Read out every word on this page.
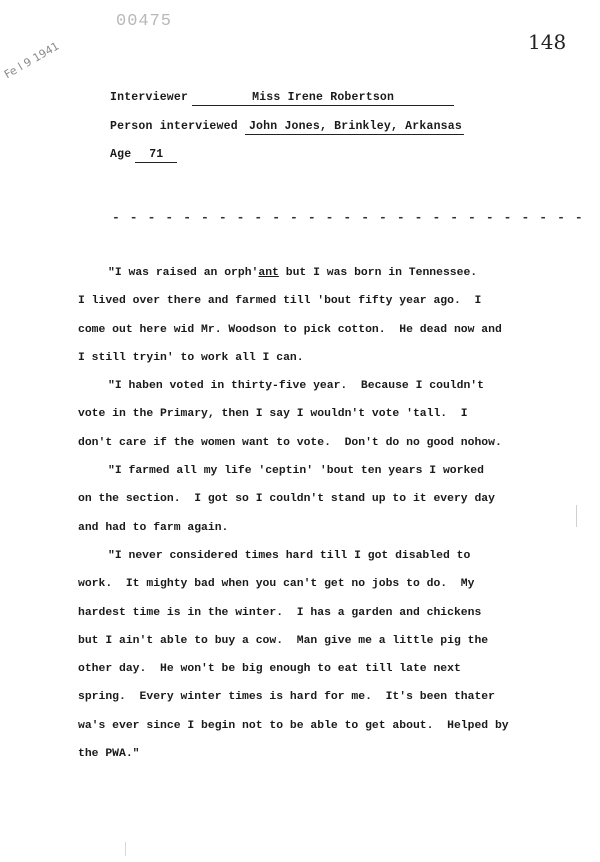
00475
148
Fe l 9 1941
Interviewer	Miss Irene Robertson
Person interviewed John Jones, Brinkley, Arkansas
Age 71
- - - - - - - - - - - - - - - - - - - - - - - - - - -

"I was raised an orph'ant but I was born in Tennessee.

I lived over there and farmed till 'bout fifty year ago.  I

come out here wid Mr. Woodson to pick cotton.  He dead now and

I still tryin' to work all I can.

"I haben voted in thirty-five year.  Because I couldn't

vote in the Primary, then I say I wouldn't vote 'tall.  I

don't care if the women want to vote.  Don't do no good nohow.

"I farmed all my life 'ceptin' 'bout ten years I worked

on the section.  I got so I couldn't stand up to it every day

and had to farm again.

"I never considered times hard till I got disabled to

work.  It mighty bad when you can't get no jobs to do.  My

hardest time is in the winter.  I has a garden and chickens

but I ain't able to buy a cow.  Man give me a little pig the

other day.  He won't be big enough to eat till late next

spring.  Every winter times is hard for me.  It's been thater

wa's ever since I begin not to be able to get about.  Helped by

the PWA."
